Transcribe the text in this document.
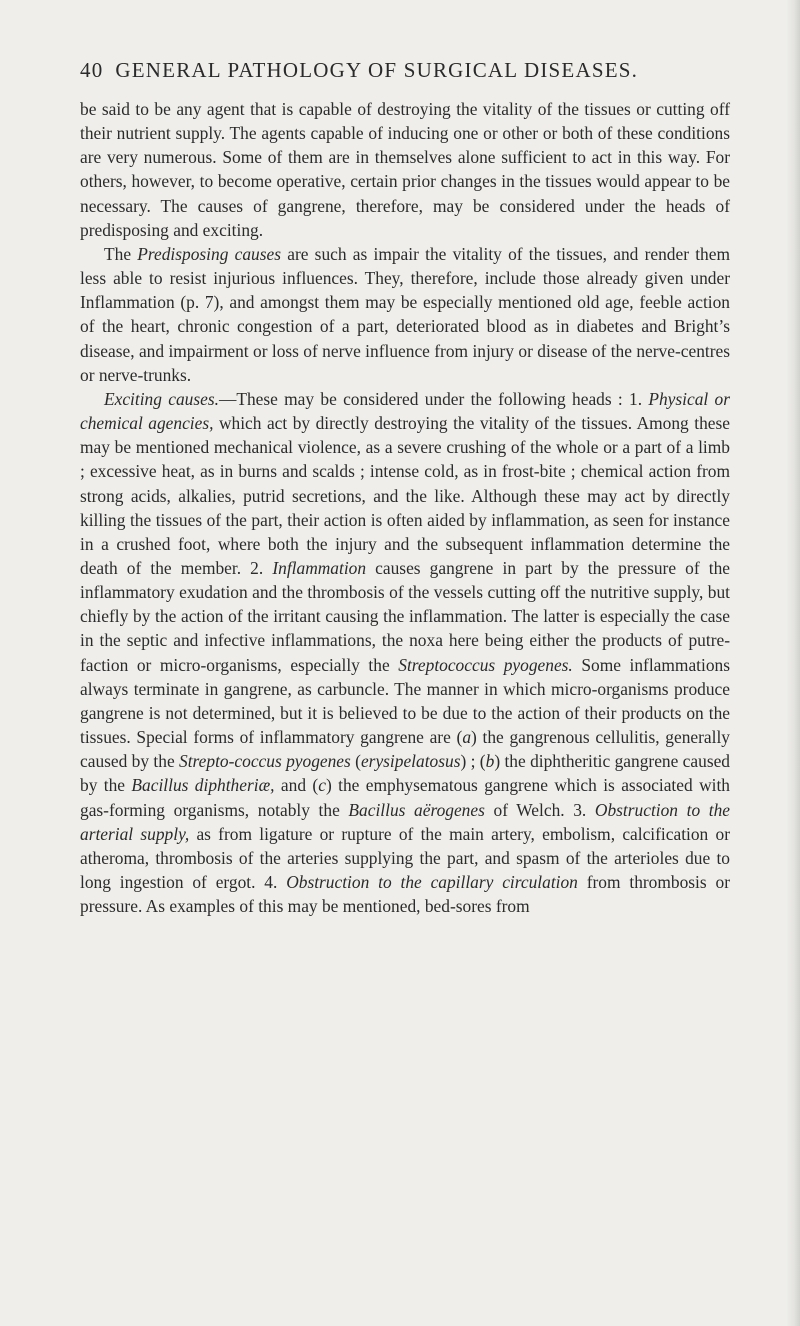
40 GENERAL PATHOLOGY OF SURGICAL DISEASES.

be said to be any agent that is capable of destroying the vitality of the tissues or cutting off their nutrient supply. The agents capable of inducing one or other or both of these conditions are very numerous. Some of them are in themselves alone sufficient to act in this way. For others, however, to become operative, certain prior changes in the tissues would appear to be necessary. The causes of gangrene, therefore, may be considered under the heads of predisposing and exciting.

The Predisposing causes are such as impair the vitality of the tissues, and render them less able to resist injurious influences. They, therefore, include those already given under Inflammation (p. 7), and amongst them may be especially mentioned old age, feeble action of the heart, chronic congestion of a part, deteriorated blood as in diabetes and Bright’s disease, and impairment or loss of nerve influence from injury or disease of the nerve-centres or nerve-trunks.

Exciting causes.—These may be considered under the following heads : 1. Physical or chemical agencies, which act by directly destroying the vitality of the tissues. Among these may be mentioned mechanical violence, as a severe crushing of the whole or a part of a limb ; excessive heat, as in burns and scalds ; intense cold, as in frost-bite ; chemical action from strong acids, alkalies, putrid secretions, and the like. Although these may act by directly killing the tissues of the part, their action is often aided by inflammation, as seen for instance in a crushed foot, where both the injury and the subsequent inflammation determine the death of the member. 2. Inflammation causes gangrene in part by the pressure of the inflammatory exudation and the thrombosis of the vessels cutting off the nutritive supply, but chiefly by the action of the irritant causing the inflammation. The latter is especially the case in the septic and infective inflammations, the noxa here being either the products of putre-faction or micro-organisms, especially the Streptococcus pyogenes. Some inflammations always terminate in gangrene, as carbuncle. The manner in which micro-organisms produce gangrene is not determined, but it is believed to be due to the action of their products on the tissues. Special forms of inflammatory gangrene are (a) the gangrenous cellulitis, generally caused by the Strepto-coccus pyogenes (erysipelatosus) ; (b) the diphtheritic gangrene caused by the Bacillus diphtheriæ, and (c) the emphysematous gangrene which is associated with gas-forming organisms, notably the Bacillus aërogenes of Welch. 3. Obstruction to the arterial supply, as from ligature or rupture of the main artery, embolism, calcification or atheroma, thrombosis of the arteries supplying the part, and spasm of the arterioles due to long ingestion of ergot. 4. Obstruction to the capillary circulation from thrombosis or pressure. As examples of this may be mentioned, bed-sores from
